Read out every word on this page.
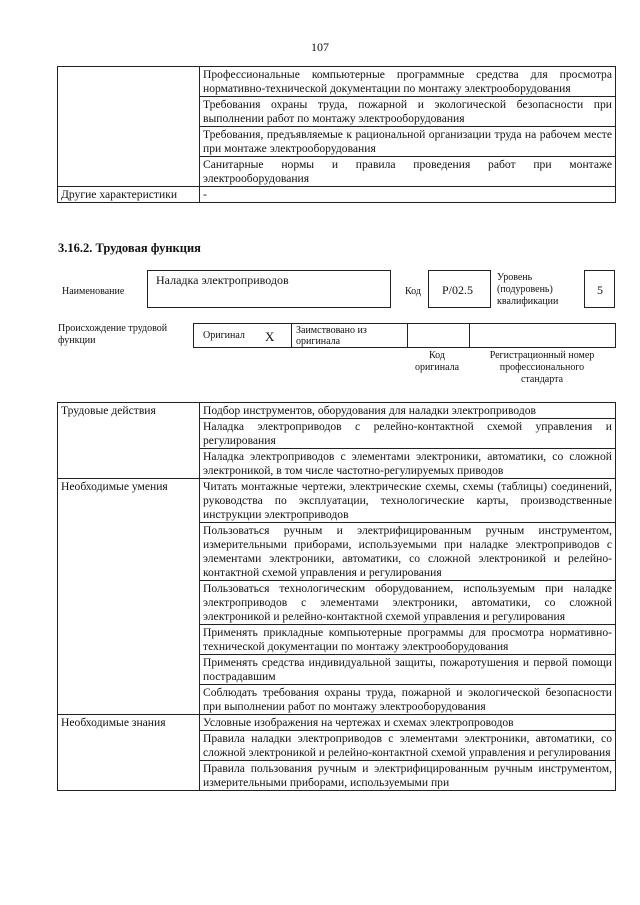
107
	Профессиональные компьютерные программные средства для просмотра нормативно-технической документации по монтажу электрооборудования
	Требования охраны труда, пожарной и экологической безопасности при выполнении работ по монтажу электрооборудования
	Требования, предъявляемые к рациональной организации труда на рабочем месте при монтаже электрооборудования
	Санитарные нормы и правила проведения работ при монтаже электрооборудования
Другие характеристики	-
3.16.2. Трудовая функция
Наименование
Наладка электроприводов
Код P/02.5
Уровень (подуровень) квалификации
5
Происхождение трудовой функции	Оригинал X Заимствовано из оригинала
Код оригинала
Регистрационный номер профессионального стандарта
Трудовые действия	Подбор инструментов, оборудования для наладки электроприводов
	Наладка электроприводов с релейно-контактной схемой управления и регулирования
	Наладка электроприводов с элементами электроники, автоматики, со сложной электроникой, в том числе частотно-регулируемых приводов
Необходимые умения	Читать монтажные чертежи, электрические схемы, схемы (таблицы) соединений, руководства по эксплуатации, технологические карты, производственные инструкции электроприводов
	Пользоваться ручным и электрифицированным ручным инструментом, измерительными приборами, используемыми при наладке электроприводов с элементами электроники, автоматики, со сложной электроникой и релейно-контактной схемой управления и регулирования
	Пользоваться технологическим оборудованием, используемым при наладке электроприводов с элементами электроники, автоматики, со сложной электроникой и релейно-контактной схемой управления и регулирования
	Применять прикладные компьютерные программы для просмотра нормативно-технической документации по монтажу электрооборудования
	Применять средства индивидуальной защиты, пожаротушения и первой помощи пострадавшим
	Соблюдать требования охраны труда, пожарной и экологической безопасности при выполнении работ по монтажу электрооборудования
Необходимые знания	Условные изображения на чертежах и схемах электропроводов
	Правила наладки электроприводов с элементами электроники, автоматики, со сложной электроникой и релейно-контактной схемой управления и регулирования
	Правила пользования ручным и электрифицированным ручным инструментом, измерительными приборами, используемыми при
